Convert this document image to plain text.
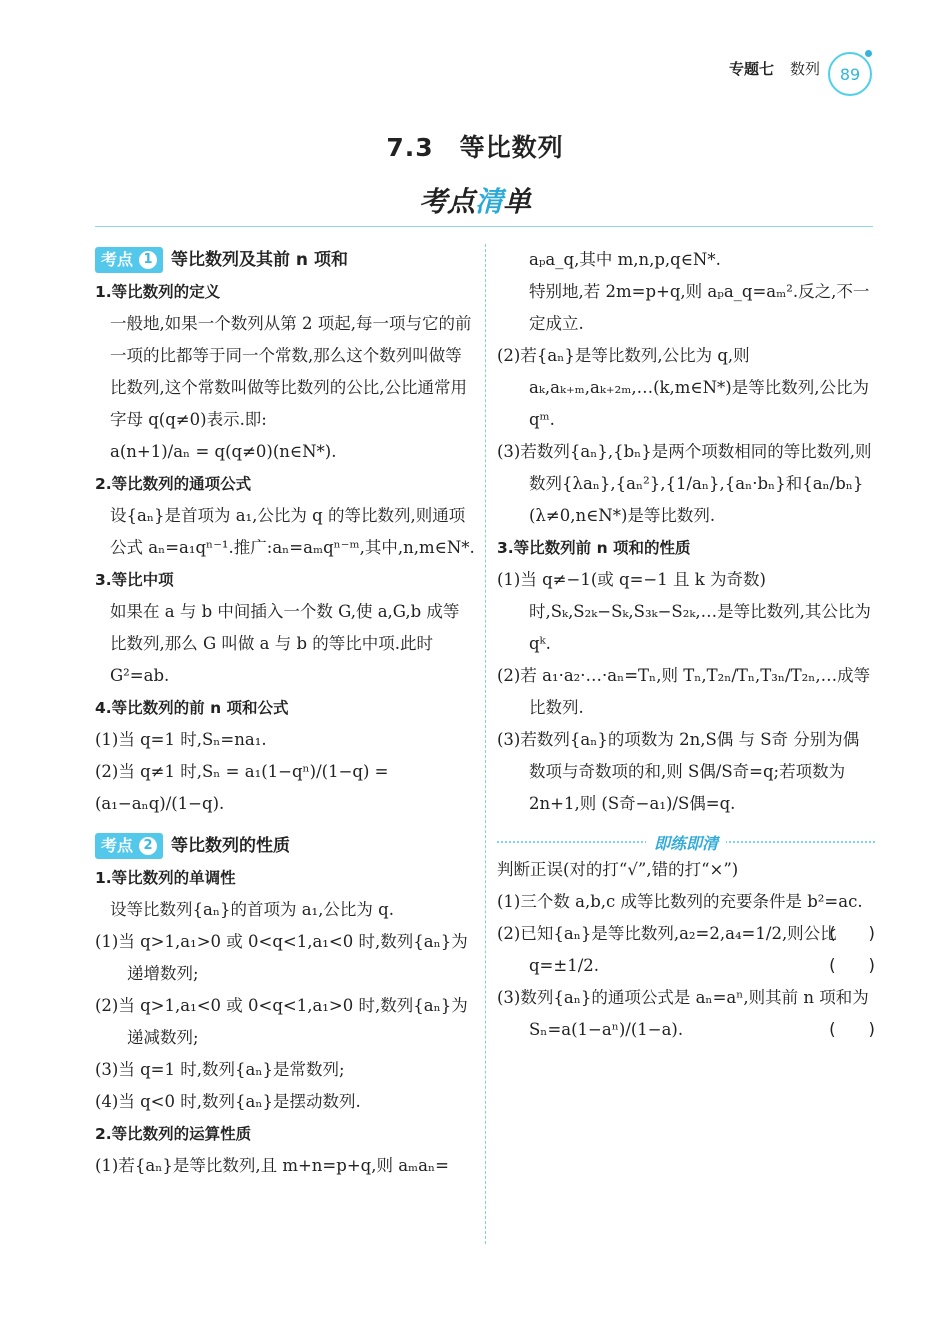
专题七 数列 89
7.3　等比数列
考点清单
考点 1 等比数列及其前 n 项和
1.等比数列的定义
一般地,如果一个数列从第 2 项起,每一项与它的前一项的比都等于同一个常数,那么这个数列叫做等比数列,这个常数叫做等比数列的公比,公比通常用字母 q(q≠0)表示.即:
a(n+1)/aₙ = q(q≠0)(n∈N*).
2.等比数列的通项公式
设{aₙ}是首项为 a₁,公比为 q 的等比数列,则通项公式 aₙ=a₁qⁿ⁻¹.推广:aₙ=aₘqⁿ⁻ᵐ,其中,n,m∈N*.
3.等比中项
如果在 a 与 b 中间插入一个数 G,使 a,G,b 成等比数列,那么 G 叫做 a 与 b 的等比中项.此时 G²=ab.
4.等比数列的前 n 项和公式
(1)当 q=1 时,Sₙ=na₁.
(2)当 q≠1 时,Sₙ = a₁(1−qⁿ)/(1−q) = (a₁−aₙq)/(1−q).
考点 2 等比数列的性质
1.等比数列的单调性
设等比数列{aₙ}的首项为 a₁,公比为 q.
(1)当 q>1,a₁>0 或 0<q<1,a₁<0 时,数列{aₙ}为递增数列;
(2)当 q>1,a₁<0 或 0<q<1,a₁>0 时,数列{aₙ}为递减数列;
(3)当 q=1 时,数列{aₙ}是常数列;
(4)当 q<0 时,数列{aₙ}是摆动数列.
2.等比数列的运算性质
(1)若{aₙ}是等比数列,且 m+n=p+q,则 aₘaₙ=
aₚa_q,其中 m,n,p,q∈N*.
特别地,若 2m=p+q,则 aₚa_q=aₘ².反之,不一定成立.
(2)若{aₙ}是等比数列,公比为 q,则 aₖ,aₖ₊ₘ,aₖ₊₂ₘ,…(k,m∈N*)是等比数列,公比为 qᵐ.
(3)若数列{aₙ},{bₙ}是两个项数相同的等比数列,则数列{λaₙ},{aₙ²},{1/aₙ},{aₙ·bₙ}和{aₙ/bₙ}(λ≠0,n∈N*)是等比数列.
3.等比数列前 n 项和的性质
(1)当 q≠−1(或 q=−1 且 k 为奇数)时,Sₖ,S₂ₖ−Sₖ,S₃ₖ−S₂ₖ,…是等比数列,其公比为 qᵏ.
(2)若 a₁·a₂·…·aₙ=Tₙ,则 Tₙ,T₂ₙ/Tₙ,T₃ₙ/T₂ₙ,…成等比数列.
(3)若数列{aₙ}的项数为 2n,S偶 与 S奇 分别为偶数项与奇数项的和,则 S偶/S奇=q;若项数为 2n+1,则 (S奇−a₁)/S偶=q.
即练即清
判断正误(对的打“√”,错的打“×”)
(1)三个数 a,b,c 成等比数列的充要条件是 b²=ac.
(　　)
(2)已知{aₙ}是等比数列,a₂=2,a₄=1/2,则公比 q=±1/2.	(　　)
(3)数列{aₙ}的通项公式是 aₙ=aⁿ,则其前 n 项和为 Sₙ=a(1−aⁿ)/(1−a).	(　　)
